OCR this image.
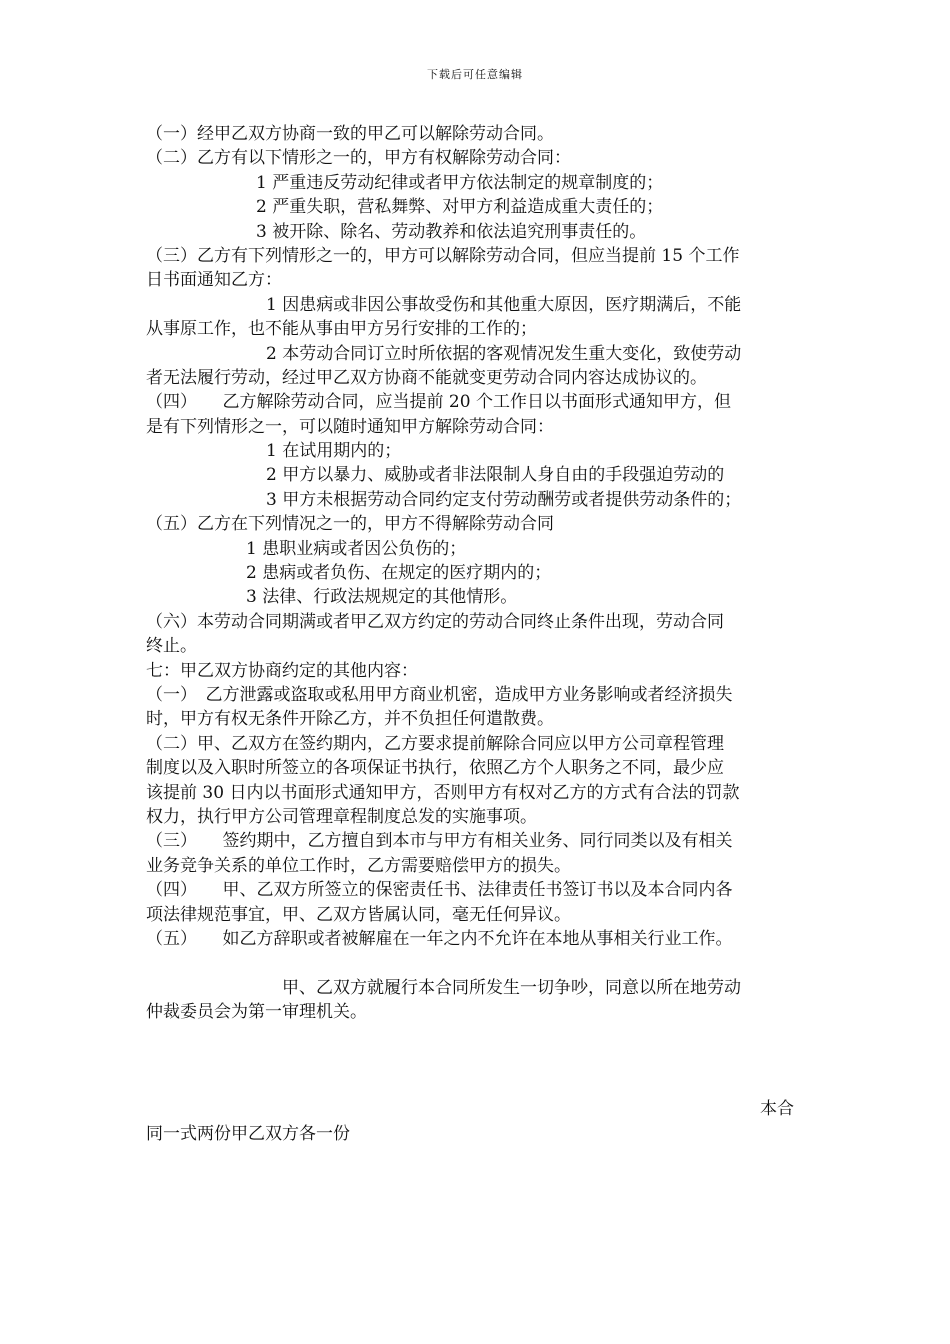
下载后可任意编辑
（一）经甲乙双方协商一致的甲乙可以解除劳动合同。
（二）乙方有以下情形之一的，甲方有权解除劳动合同：
1 严重违反劳动纪律或者甲方依法制定的规章制度的；
2 严重失职，营私舞弊、对甲方利益造成重大责任的；
3 被开除、除名、劳动教养和依法追究刑事责任的。
（三）乙方有下列情形之一的，甲方可以解除劳动合同，但应当提前 15 个工作
日书面通知乙方：
1 因患病或非因公事故受伤和其他重大原因，医疗期满后，不能
从事原工作，也不能从事由甲方另行安排的工作的；
2 本劳动合同订立时所依据的客观情况发生重大变化，致使劳动
者无法履行劳动，经过甲乙双方协商不能就变更劳动合同内容达成协议的。
（四）　　乙方解除劳动合同，应当提前 20 个工作日以书面形式通知甲方，但
是有下列情形之一，可以随时通知甲方解除劳动合同：
1 在试用期内的；
2 甲方以暴力、威胁或者非法限制人身自由的手段强迫劳动的
3 甲方未根据劳动合同约定支付劳动酬劳或者提供劳动条件的；
（五）乙方在下列情况之一的，甲方不得解除劳动合同
1 患职业病或者因公负伤的；
2 患病或者负伤、在规定的医疗期内的；
3 法律、行政法规规定的其他情形。
（六）本劳动合同期满或者甲乙双方约定的劳动合同终止条件出现，劳动合同
终止。
七：甲乙双方协商约定的其他内容：
（一）　乙方泄露或盗取或私用甲方商业机密，造成甲方业务影响或者经济损失
时，甲方有权无条件开除乙方，并不负担任何遣散费。
（二）甲、乙双方在签约期内，乙方要求提前解除合同应以甲方公司章程管理
制度以及入职时所签立的各项保证书执行，依照乙方个人职务之不同，最少应
该提前 30 日内以书面形式通知甲方，否则甲方有权对乙方的方式有合法的罚款
权力，执行甲方公司管理章程制度总发的实施事项。
（三）　　签约期中，乙方擅自到本市与甲方有相关业务、同行同类以及有相关
业务竞争关系的单位工作时，乙方需要赔偿甲方的损失。
（四）　　甲、乙双方所签立的保密责任书、法律责任书签订书以及本合同内各
项法律规范事宜，甲、乙双方皆属认同，毫无任何异议。
（五）　　如乙方辞职或者被解雇在一年之内不允许在本地从事相关行业工作。
　　　　　　　　甲、乙双方就履行本合同所发生一切争吵，同意以所在地劳动
仲裁委员会为第一审理机关。
本合
同一式两份甲乙双方各一份
